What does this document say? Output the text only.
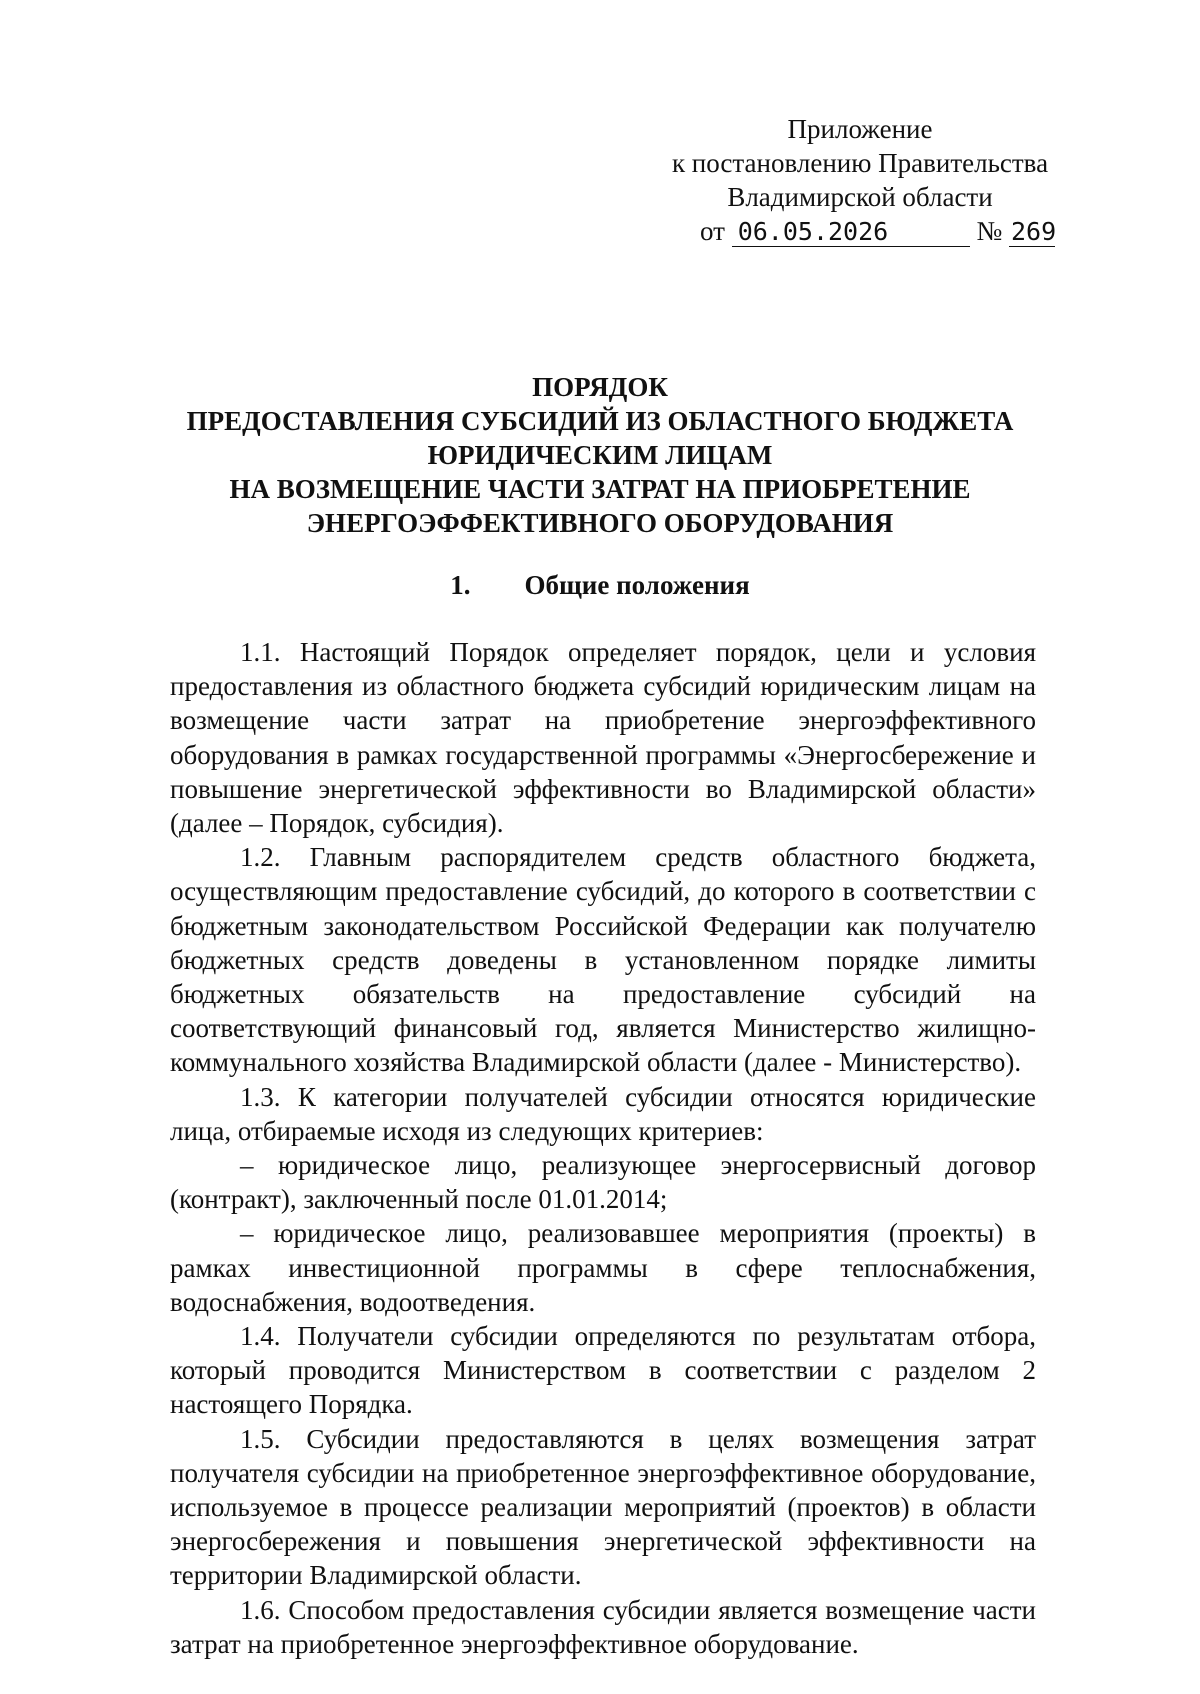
Приложение
к постановлению Правительства
Владимирской области
от 06.05.2026	№ 269
ПОРЯДОК
ПРЕДОСТАВЛЕНИЯ СУБСИДИЙ ИЗ ОБЛАСТНОГО БЮДЖЕТА
ЮРИДИЧЕСКИМ ЛИЦАМ
НА ВОЗМЕЩЕНИЕ ЧАСТИ ЗАТРАТ НА ПРИОБРЕТЕНИЕ
ЭНЕРГОЭФФЕКТИВНОГО ОБОРУДОВАНИЯ
1. Общие положения

1.1. Настоящий Порядок определяет порядок, цели и условия предоставления из областного бюджета субсидий юридическим лицам на возмещение части затрат на приобретение энергоэффективного оборудования в рамках государственной программы «Энергосбережение и повышение энергетической эффективности во Владимирской области» (далее – Порядок, субсидия).

1.2. Главным распорядителем средств областного бюджета, осуществляющим предоставление субсидий, до которого в соответствии с бюджетным законодательством Российской Федерации как получателю бюджетных средств доведены в установленном порядке лимиты бюджетных обязательств на предоставление субсидий на соответствующий финансовый год, является Министерство жилищно-коммунального хозяйства Владимирской области (далее - Министерство).

1.3. К категории получателей субсидии относятся юридические лица, отбираемые исходя из следующих критериев:

– юридическое лицо, реализующее энергосервисный договор (контракт), заключенный после 01.01.2014;

– юридическое лицо, реализовавшее мероприятия (проекты) в рамках инвестиционной программы в сфере теплоснабжения, водоснабжения, водоотведения.

1.4. Получатели субсидии определяются по результатам отбора, который проводится Министерством в соответствии с разделом 2 настоящего Порядка.

1.5. Субсидии предоставляются в целях возмещения затрат получателя субсидии на приобретенное энергоэффективное оборудование, используемое в процессе реализации мероприятий (проектов) в области энергосбережения и повышения энергетической эффективности на территории Владимирской области.

1.6. Способом предоставления субсидии является возмещение части затрат на приобретенное энергоэффективное оборудование.
